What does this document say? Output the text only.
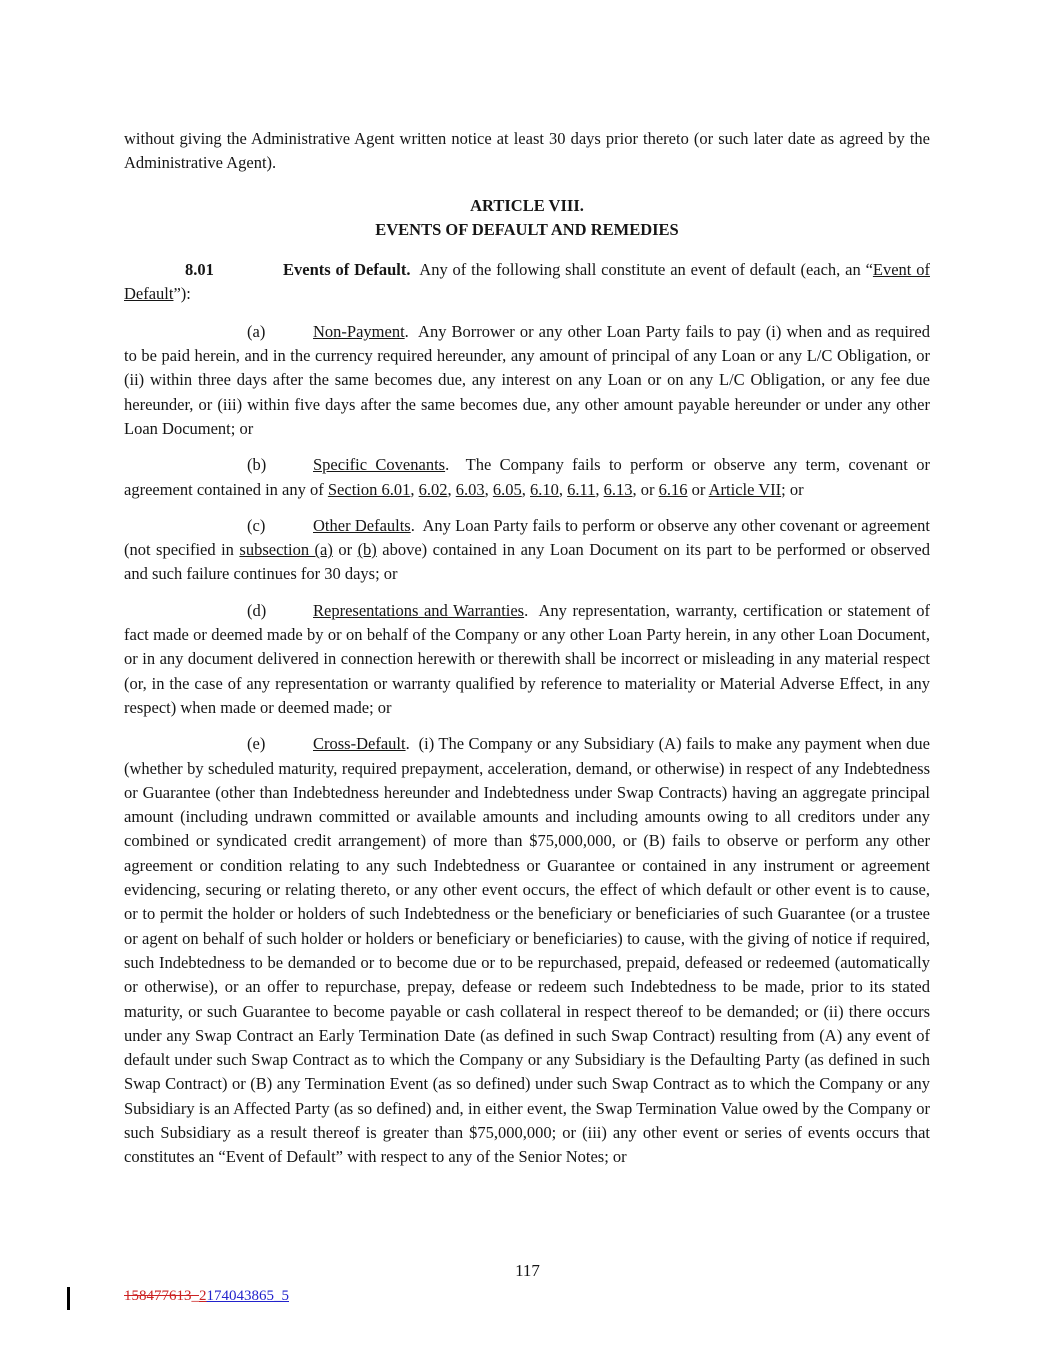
without giving the Administrative Agent written notice at least 30 days prior thereto (or such later date as agreed by the Administrative Agent).

ARTICLE VIII.
EVENTS OF DEFAULT AND REMEDIES

8.01	Events of Default.  Any of the following shall constitute an event of default (each, an “Event of Default”):

(a)	Non-Payment.  Any Borrower or any other Loan Party fails to pay (i) when and as required to be paid herein, and in the currency required hereunder, any amount of principal of any Loan or any L/C Obligation, or (ii) within three days after the same becomes due, any interest on any Loan or on any L/C Obligation, or any fee due hereunder, or (iii) within five days after the same becomes due, any other amount payable hereunder or under any other Loan Document; or

(b)	Specific Covenants.  The Company fails to perform or observe any term, covenant or agreement contained in any of Section 6.01, 6.02, 6.03, 6.05, 6.10, 6.11, 6.13, or 6.16 or Article VII; or

(c)	Other Defaults.  Any Loan Party fails to perform or observe any other covenant or agreement (not specified in subsection (a) or (b) above) contained in any Loan Document on its part to be performed or observed and such failure continues for 30 days; or

(d)	Representations and Warranties.  Any representation, warranty, certification or statement of fact made or deemed made by or on behalf of the Company or any other Loan Party herein, in any other Loan Document, or in any document delivered in connection herewith or therewith shall be incorrect or misleading in any material respect (or, in the case of any representation or warranty qualified by reference to materiality or Material Adverse Effect, in any respect) when made or deemed made; or

(e)	Cross-Default.  (i) The Company or any Subsidiary (A) fails to make any payment when due (whether by scheduled maturity, required prepayment, acceleration, demand, or otherwise) in respect of any Indebtedness or Guarantee (other than Indebtedness hereunder and Indebtedness under Swap Contracts) having an aggregate principal amount (including undrawn committed or available amounts and including amounts owing to all creditors under any combined or syndicated credit arrangement) of more than $75,000,000, or (B) fails to observe or perform any other agreement or condition relating to any such Indebtedness or Guarantee or contained in any instrument or agreement evidencing, securing or relating thereto, or any other event occurs, the effect of which default or other event is to cause, or to permit the holder or holders of such Indebtedness or the beneficiary or beneficiaries of such Guarantee (or a trustee or agent on behalf of such holder or holders or beneficiary or beneficiaries) to cause, with the giving of notice if required, such Indebtedness to be demanded or to become due or to be repurchased, prepaid, defeased or redeemed (automatically or otherwise), or an offer to repurchase, prepay, defease or redeem such Indebtedness to be made, prior to its stated maturity, or such Guarantee to become payable or cash collateral in respect thereof to be demanded; or (ii) there occurs under any Swap Contract an Early Termination Date (as defined in such Swap Contract) resulting from (A) any event of default under such Swap Contract as to which the Company or any Subsidiary is the Defaulting Party (as defined in such Swap Contract) or (B) any Termination Event (as so defined) under such Swap Contract as to which the Company or any Subsidiary is an Affected Party (as so defined) and, in either event, the Swap Termination Value owed by the Company or such Subsidiary as a result thereof is greater than $75,000,000; or (iii) any other event or series of events occurs that constitutes an “Event of Default” with respect to any of the Senior Notes; or

117

158477613_2174043865_5
